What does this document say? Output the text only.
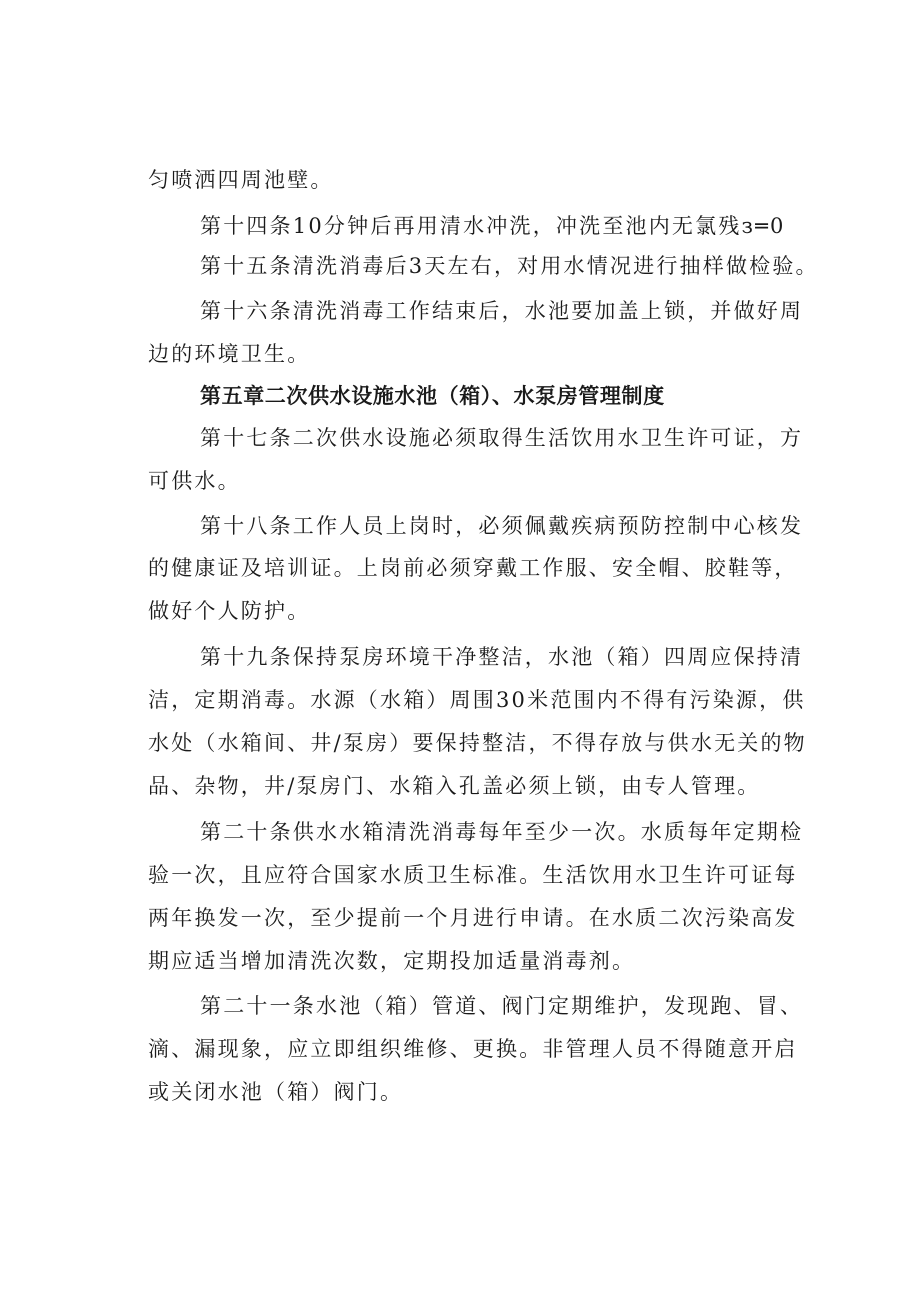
匀喷洒四周池壁。
第十四条10分钟后再用清水冲洗，冲洗至池内无氯残з═0
第十五条清洗消毒后3天左右，对用水情况进行抽样做检验。
第十六条清洗消毒工作结束后，水池要加盖上锁，并做好周
边的环境卫生。
第五章二次供水设施水池（箱）、水泵房管理制度
第十七条二次供水设施必须取得生活饮用水卫生许可证，方
可供水。
第十八条工作人员上岗时，必须佩戴疾病预防控制中心核发
的健康证及培训证。上岗前必须穿戴工作服、安全帽、胶鞋等，
做好个人防护。
第十九条保持泵房环境干净整洁，水池（箱）四周应保持清
洁，定期消毒。水源（水箱）周围30米范围内不得有污染源，供
水处（水箱间、井/泵房）要保持整洁，不得存放与供水无关的物
品、杂物，井/泵房门、水箱入孔盖必须上锁，由专人管理。
第二十条供水水箱清洗消毒每年至少一次。水质每年定期检
验一次，且应符合国家水质卫生标准。生活饮用水卫生许可证每
两年换发一次，至少提前一个月进行申请。在水质二次污染高发
期应适当增加清洗次数，定期投加适量消毒剂。
第二十一条水池（箱）管道、阀门定期维护，发现跑、冒、
滴、漏现象，应立即组织维修、更换。非管理人员不得随意开启
或关闭水池（箱）阀门。
